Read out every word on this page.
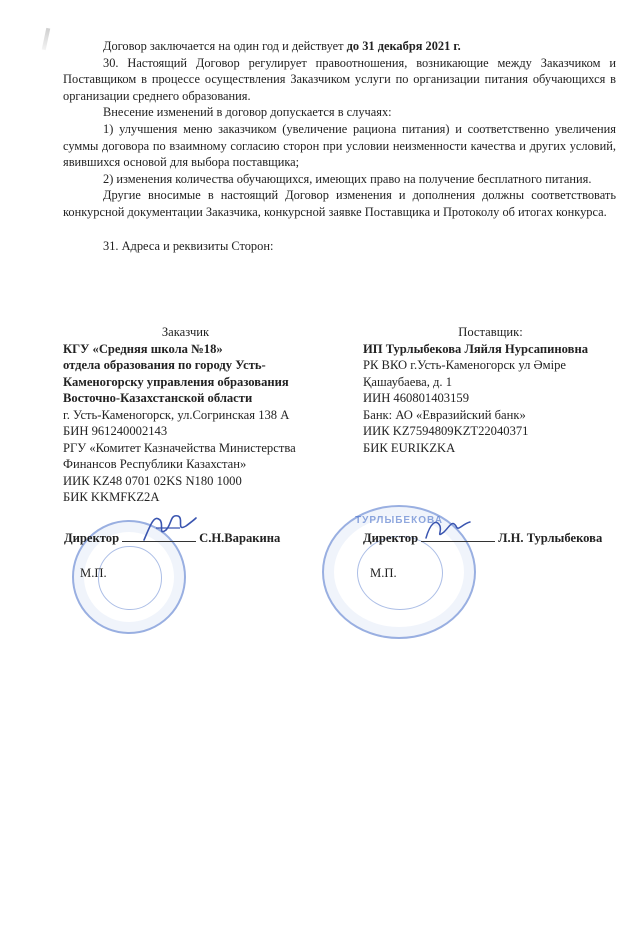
Договор заключается на один год и действует до 31 декабря 2021 г.

30. Настоящий Договор регулирует правоотношения, возникающие между Заказчиком и Поставщиком в процессе осуществления Заказчиком услуги по организации питания обучающихся в организации среднего образования.

Внесение изменений в договор допускается в случаях:

1) улучшения меню заказчиком (увеличение рациона питания) и соответственно увеличения суммы договора по взаимному согласию сторон при условии неизменности качества и других условий, явившихся основой для выбора поставщика;

2) изменения количества обучающихся, имеющих право на получение бесплатного питания.

Другие вносимые в настоящий Договор изменения и дополнения должны соответствовать конкурсной документации Заказчика, конкурсной заявке Поставщика и Протоколу об итогах конкурса.

31. Адреса и реквизиты Сторон:

Заказчик
КГУ «Средняя школа №18»
отдела образования по городу Усть-Каменогорску управления образования Восточно-Казахстанской области
г. Усть-Каменогорск, ул.Согринская 138 А
БИН 961240002143
РГУ «Комитет Казначейства Министерства Финансов Республики Казахстан»
ИИК KZ48 0701 02KS N180 1000
БИК KKMFKZ2A
Поставщик:
ИП Турлыбекова Ляйля Нурсапиновна
РК ВКО г.Усть-Каменогорск ул Әміре Қашаубаева, д. 1
ИИН 460801403159
Банк: АО «Евразийский банк»
ИИК KZ7594809KZT22040371
БИК EURIKZKA
ТУРЛЫБЕКОВА
Директор	С.Н.Варакина	Директор	Л.Н. Турлыбекова
М.П.	М.П.
